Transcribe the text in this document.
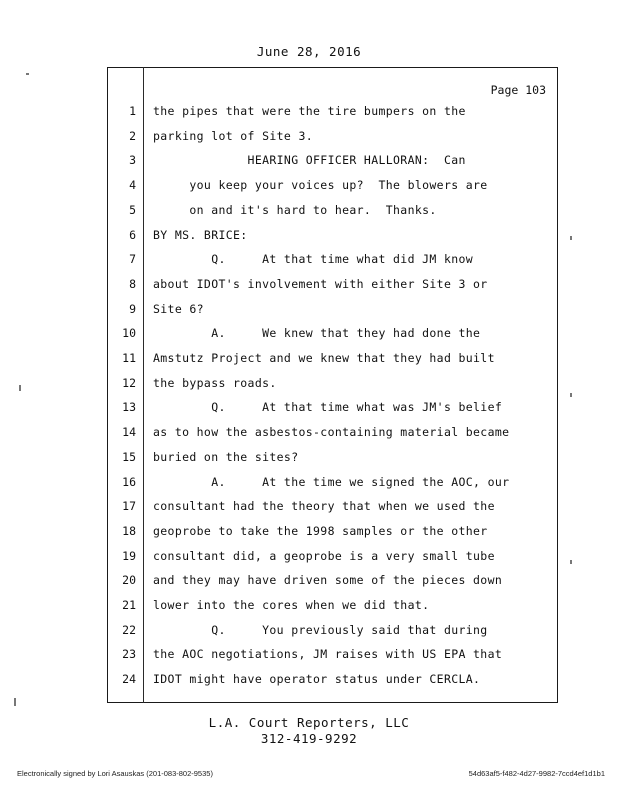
June 28, 2016
Page 103
1 the pipes that were the tire bumpers on the
2 parking lot of Site 3.
3 HEARING OFFICER HALLORAN:  Can
4 you keep your voices up?  The blowers are
5 on and it's hard to hear.  Thanks.
6 BY MS. BRICE:
7 Q.     At that time what did JM know
8 about IDOT's involvement with either Site 3 or
9 Site 6?
10 A.     We knew that they had done the
11 Amstutz Project and we knew that they had built
12 the bypass roads.
13 Q.     At that time what was JM's belief
14 as to how the asbestos-containing material became
15 buried on the sites?
16 A.     At the time we signed the AOC, our
17 consultant had the theory that when we used the
18 geoprobe to take the 1998 samples or the other
19 consultant did, a geoprobe is a very small tube
20 and they may have driven some of the pieces down
21 lower into the cores when we did that.
22 Q.     You previously said that during
23 the AOC negotiations, JM raises with US EPA that
24 IDOT might have operator status under CERCLA.
L.A. Court Reporters, LLC
312-419-9292
Electronically signed by Lori Asauskas (201-083-802-9535)	54d63af5-f482-4d27-9982-7ccd4ef1d1b1
